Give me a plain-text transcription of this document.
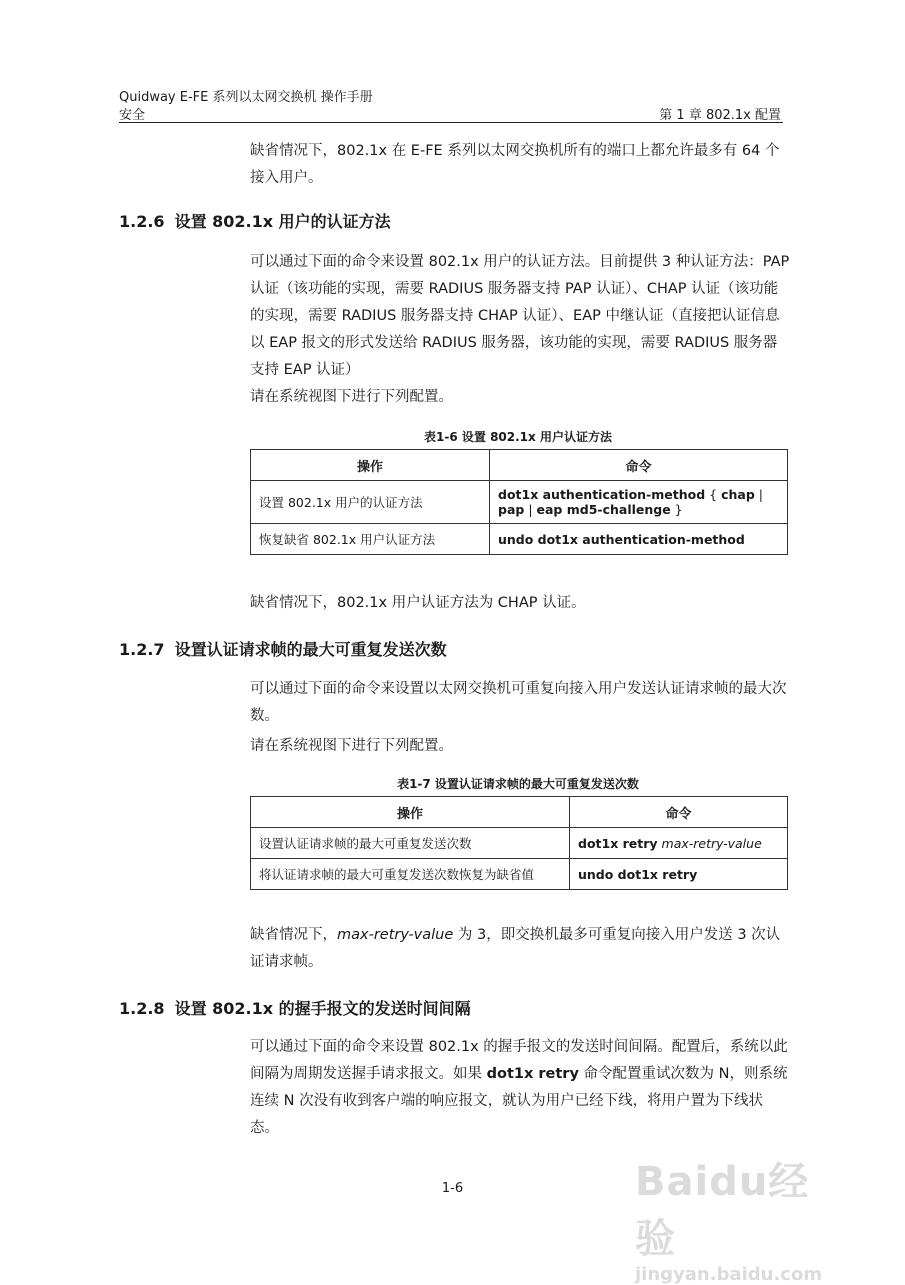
Quidway E-FE 系列以太网交换机 操作手册
安全	第 1 章 802.1x 配置

缺省情况下，802.1x 在 E-FE 系列以太网交换机所有的端口上都允许最多有 64 个接入用户。

1.2.6 设置 802.1x 用户的认证方法

可以通过下面的命令来设置 802.1x 用户的认证方法。目前提供 3 种认证方法：PAP 认证（该功能的实现，需要 RADIUS 服务器支持 PAP 认证）、CHAP 认证（该功能的实现，需要 RADIUS 服务器支持 CHAP 认证）、EAP 中继认证（直接把认证信息以 EAP 报文的形式发送给 RADIUS 服务器，该功能的实现，需要 RADIUS 服务器支持 EAP 认证）

请在系统视图下进行下列配置。

表1-6 设置 802.1x 用户认证方法
操作	命令
设置 802.1x 用户的认证方法	dot1x authentication-method { chap | pap | eap md5-challenge }
恢复缺省 802.1x 用户认证方法	undo dot1x authentication-method

缺省情况下，802.1x 用户认证方法为 CHAP 认证。

1.2.7 设置认证请求帧的最大可重复发送次数

可以通过下面的命令来设置以太网交换机可重复向接入用户发送认证请求帧的最大次数。

请在系统视图下进行下列配置。

表1-7 设置认证请求帧的最大可重复发送次数
操作	命令
设置认证请求帧的最大可重复发送次数	dot1x retry max-retry-value
将认证请求帧的最大可重复发送次数恢复为缺省值	undo dot1x retry

缺省情况下，max-retry-value 为 3，即交换机最多可重复向接入用户发送 3 次认证请求帧。

1.2.8 设置 802.1x 的握手报文的发送时间间隔

可以通过下面的命令来设置 802.1x 的握手报文的发送时间间隔。配置后，系统以此间隔为周期发送握手请求报文。如果 dot1x retry 命令配置重试次数为 N，则系统连续 N 次没有收到客户端的响应报文，就认为用户已经下线，将用户置为下线状态。

1-6	Baidu经验
jingyan.baidu.com
